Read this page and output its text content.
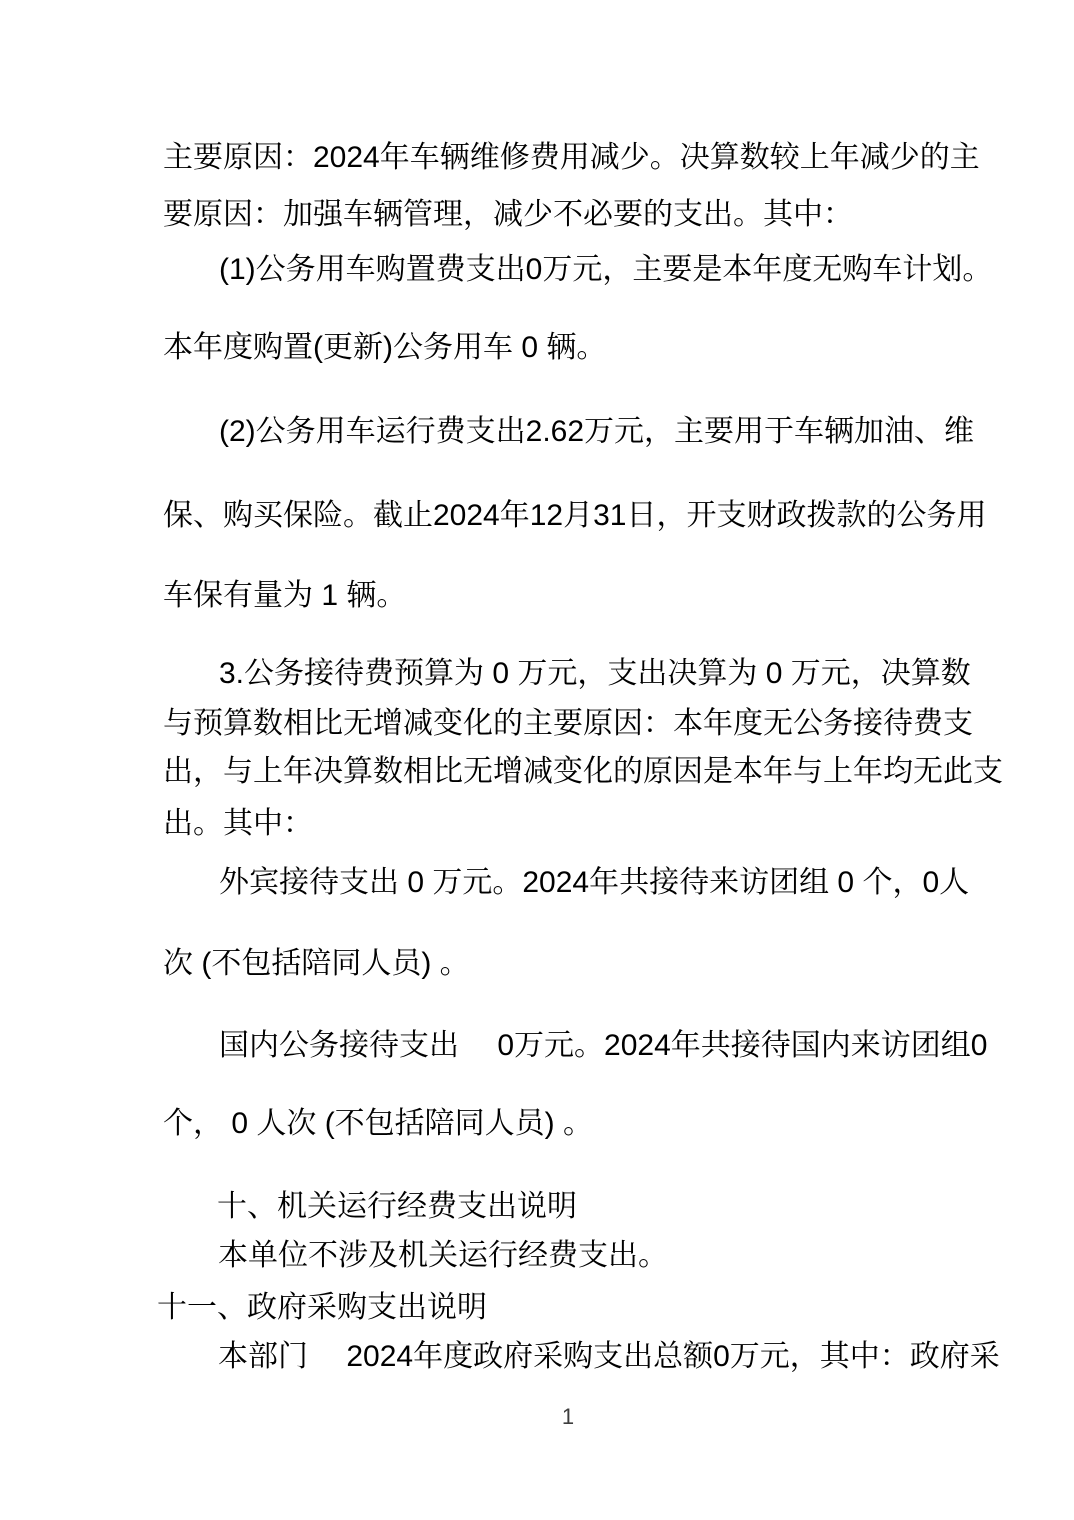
主要原因：2024年车辆维修费用减少。决算数较上年减少的主
要原因：加强车辆管理，减少不必要的支出。其中：
(1)公务用车购置费支出0万元，主要是本年度无购车计划。
本年度购置(更新)公务用车 0 辆。
(2)公务用车运行费支出2.62万元，主要用于车辆加油、维
保、购买保险。截止2024年12月31日，开支财政拨款的公务用
车保有量为 1 辆。
3.公务接待费预算为 0 万元，支出决算为 0 万元，决算数
与预算数相比无增减变化的主要原因：本年度无公务接待费支
出，与上年决算数相比无增减变化的原因是本年与上年均无此支
出。其中：
外宾接待支出 0 万元。2024年共接待来访团组 0 个，0人
次 (不包括陪同人员) 。
国内公务接待支出　 0万元。2024年共接待国内来访团组0
个， 0 人次 (不包括陪同人员) 。
十、机关运行经费支出说明
本单位不涉及机关运行经费支出。
十一、政府采购支出说明
本部门　 2024年度政府采购支出总额0万元，其中：政府采
1
